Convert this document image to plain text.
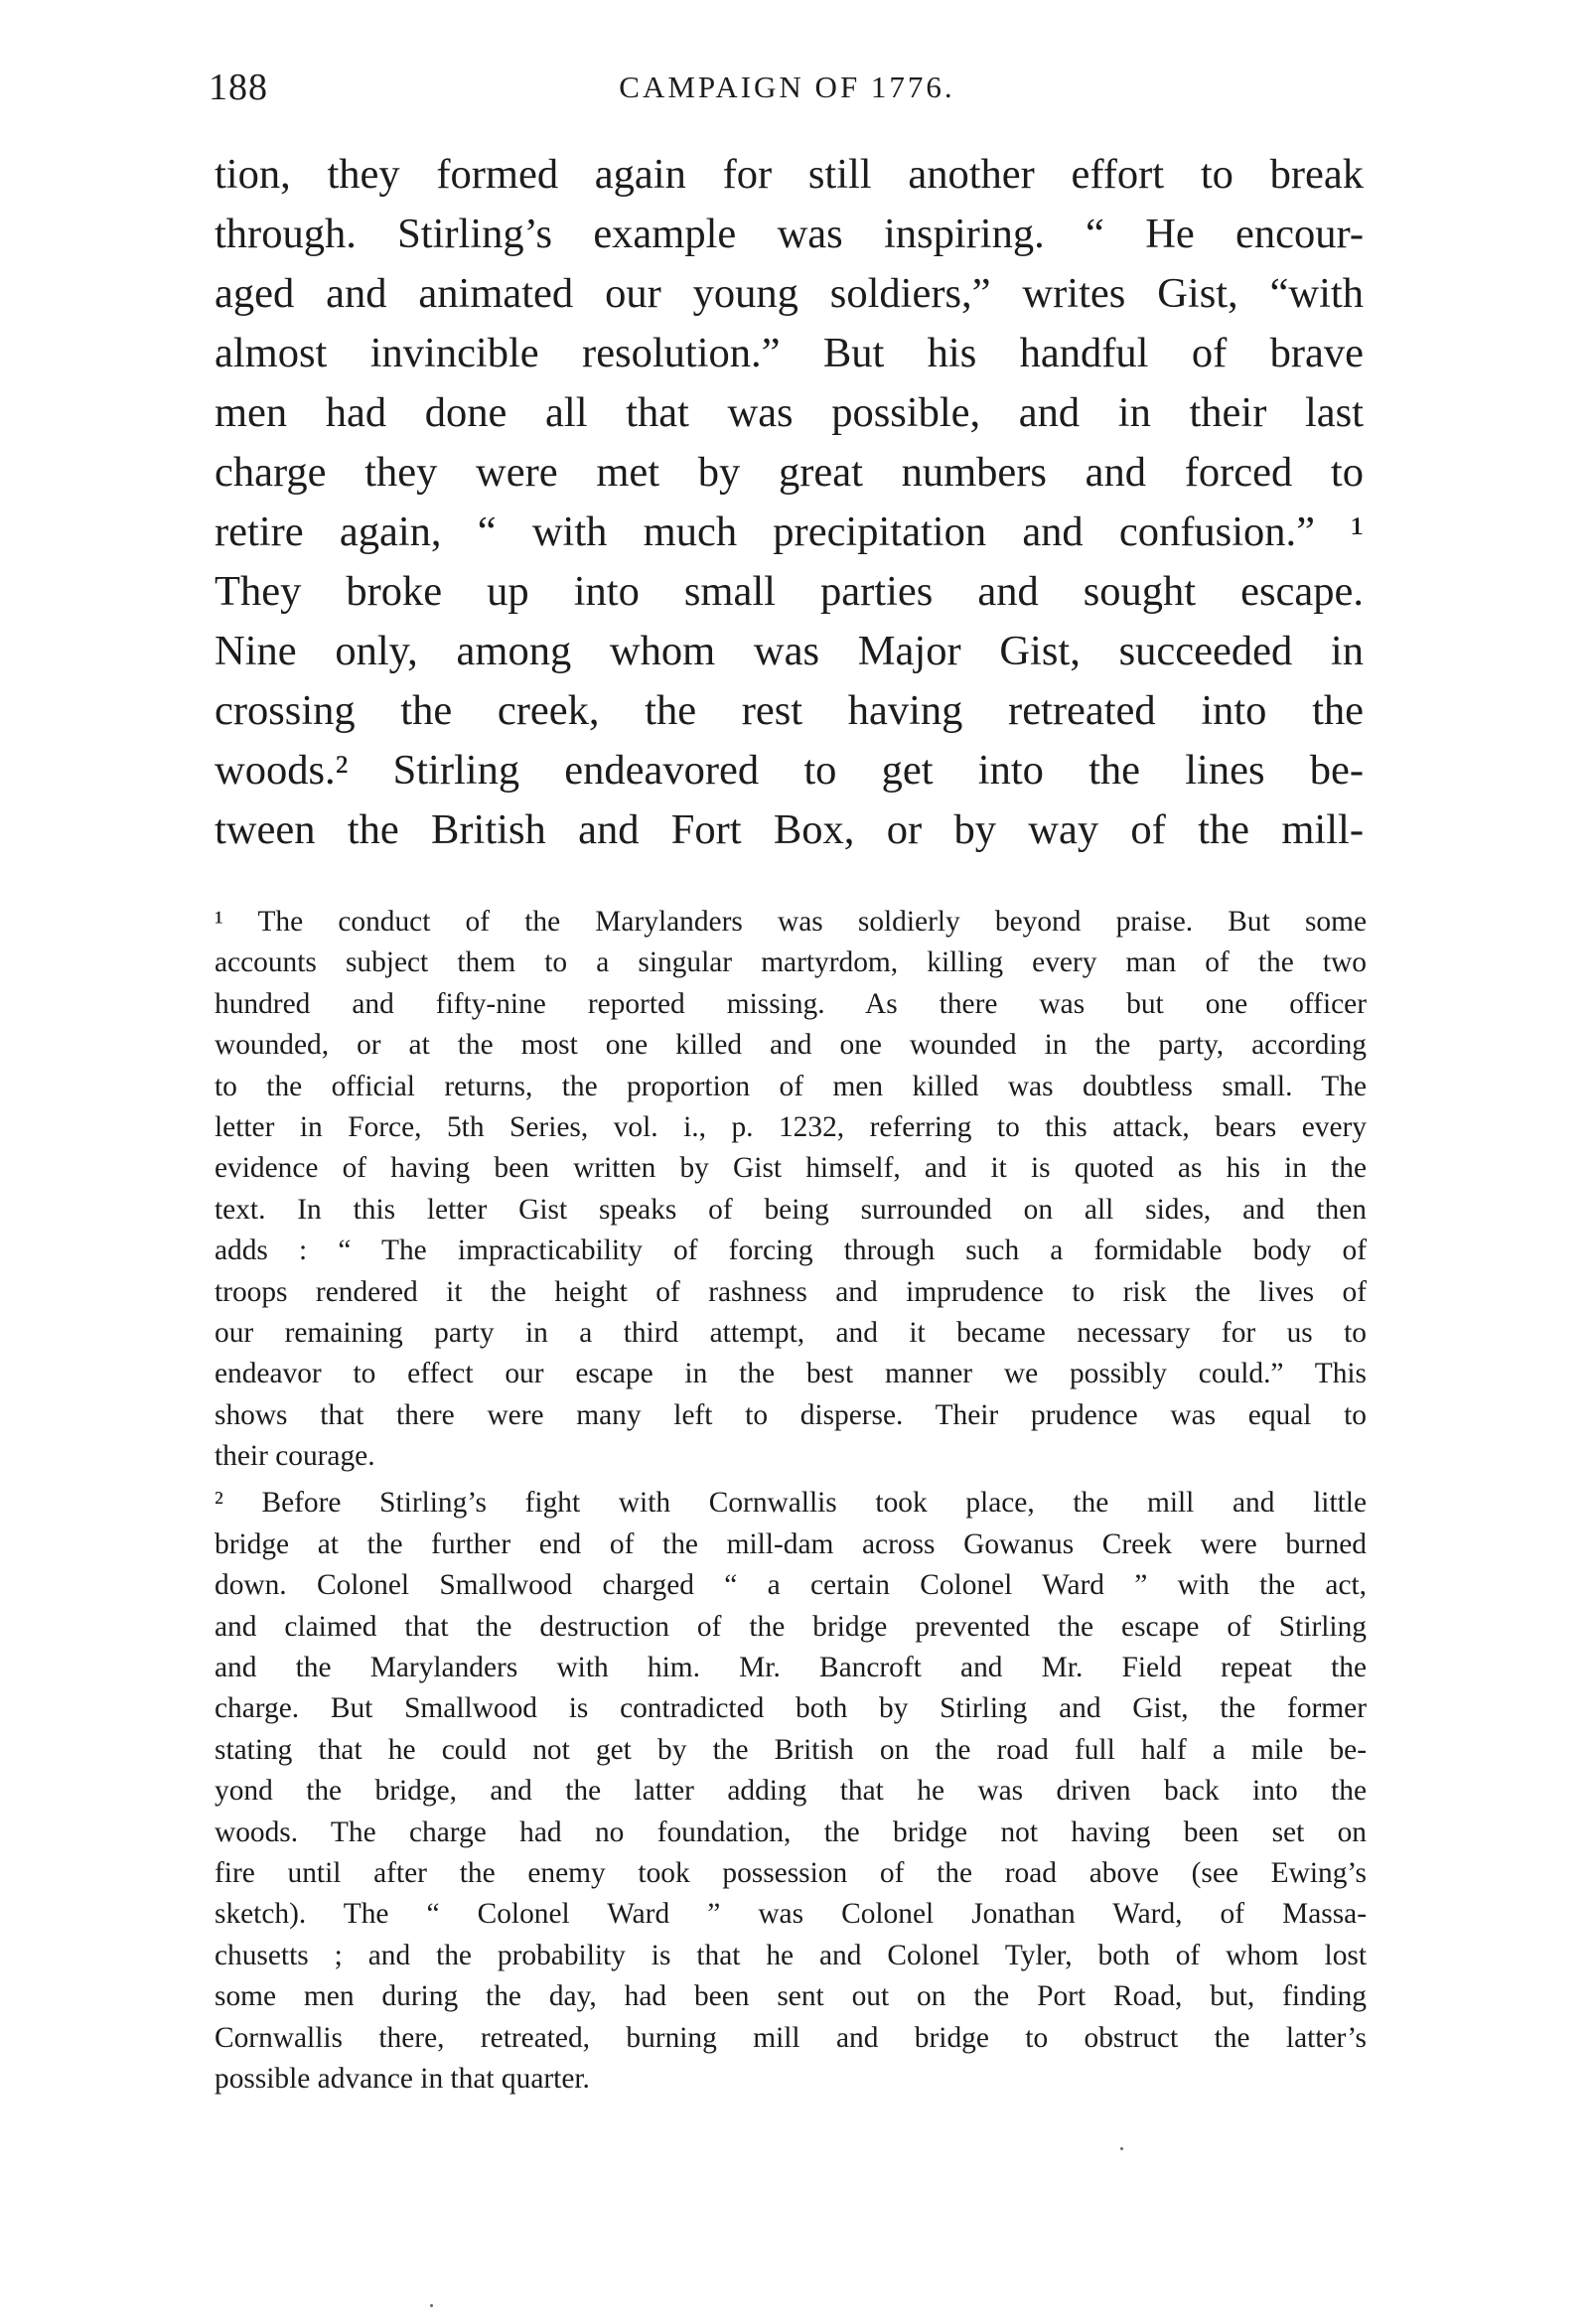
188	CAMPAIGN OF 1776.
tion, they formed again for still another effort to break
through. Stirling’s example was inspiring. “ He encour-
aged and animated our young soldiers,” writes Gist, “with
almost invincible resolution.” But his handful of brave
men had done all that was possible, and in their last
charge they were met by great numbers and forced to
retire again, “ with much precipitation and confusion.” ¹
They broke up into small parties and sought escape.
Nine only, among whom was Major Gist, succeeded in
crossing the creek, the rest having retreated into the
woods.² Stirling endeavored to get into the lines be-
tween the British and Fort Box, or by way of the mill-
¹ The conduct of the Marylanders was soldierly beyond praise. But some
accounts subject them to a singular martyrdom, killing every man of the two
hundred and fifty-nine reported missing. As there was but one officer
wounded, or at the most one killed and one wounded in the party, according
to the official returns, the proportion of men killed was doubtless small. The
letter in Force, 5th Series, vol. i., p. 1232, referring to this attack, bears every
evidence of having been written by Gist himself, and it is quoted as his in the
text. In this letter Gist speaks of being surrounded on all sides, and then
adds : “ The impracticability of forcing through such a formidable body of
troops rendered it the height of rashness and imprudence to risk the lives of
our remaining party in a third attempt, and it became necessary for us to
endeavor to effect our escape in the best manner we possibly could.” This
shows that there were many left to disperse. Their prudence was equal to
their courage.
² Before Stirling’s fight with Cornwallis took place, the mill and little
bridge at the further end of the mill-dam across Gowanus Creek were burned
down. Colonel Smallwood charged “ a certain Colonel Ward ” with the act,
and claimed that the destruction of the bridge prevented the escape of Stirling
and the Marylanders with him. Mr. Bancroft and Mr. Field repeat the
charge. But Smallwood is contradicted both by Stirling and Gist, the former
stating that he could not get by the British on the road full half a mile be-
yond the bridge, and the latter adding that he was driven back into the
woods. The charge had no foundation, the bridge not having been set on
fire until after the enemy took possession of the road above (see Ewing’s
sketch). The “ Colonel Ward ” was Colonel Jonathan Ward, of Massa-
chusetts ; and the probability is that he and Colonel Tyler, both of whom lost
some men during the day, had been sent out on the Port Road, but, finding
Cornwallis there, retreated, burning mill and bridge to obstruct the latter’s
possible advance in that quarter.
